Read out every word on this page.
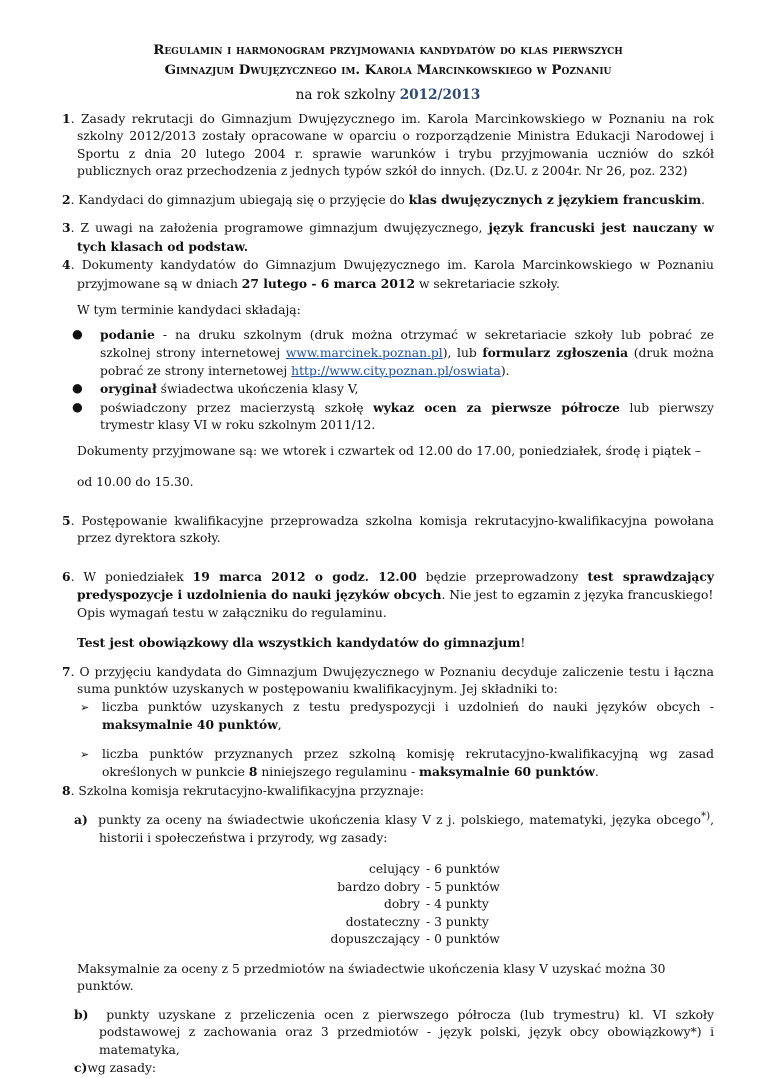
Regulamin i harmonogram przyjmowania kandydatów do klas pierwszych
Gimnazjum Dwujęzycznego im. Karola Marcinkowskiego w Poznaniu
na rok szkolny 2012/2013

1. Zasady rekrutacji do Gimnazjum Dwujęzycznego im. Karola Marcinkowskiego w Poznaniu na rok szkolny 2012/2013 zostały opracowane w oparciu o rozporządzenie Ministra Edukacji Narodowej i Sportu z dnia 20 lutego 2004 r. sprawie warunków i trybu przyjmowania uczniów do szkół publicznych oraz przechodzenia z jednych typów szkół do innych. (Dz.U. z 2004r. Nr 26, poz. 232)

2. Kandydaci do gimnazjum ubiegają się o przyjęcie do klas dwujęzycznych z językiem francuskim.

3. Z uwagi na założenia programowe gimnazjum dwujęzycznego, język francuski jest nauczany w tych klasach od podstaw.

4. Dokumenty kandydatów do Gimnazjum Dwujęzycznego im. Karola Marcinkowskiego w Poznaniu przyjmowane są w dniach 27 lutego - 6 marca 2012 w sekretariacie szkoły.

W tym terminie kandydaci składają:

● podanie - na druku szkolnym (druk można otrzymać w sekretariacie szkoły lub pobrać ze szkolnej strony internetowej www.marcinek.poznan.pl), lub formularz zgłoszenia (druk można pobrać ze strony internetowej http://www.city.poznan.pl/oswiata).
● oryginał świadectwa ukończenia klasy V,
● poświadczony przez macierzystą szkołę wykaz ocen za pierwsze półrocze lub pierwszy trymestr klasy VI w roku szkolnym 2011/12.

Dokumenty przyjmowane są: we wtorek i czwartek od 12.00 do 17.00, poniedziałek, środę i piątek –

od 10.00 do 15.30.

5. Postępowanie kwalifikacyjne przeprowadza szkolna komisja rekrutacyjno-kwalifikacyjna powołana przez dyrektora szkoły.

6. W poniedziałek 19 marca 2012 o godz. 12.00 będzie przeprowadzony test sprawdzający predyspozycje i uzdolnienia do nauki języków obcych. Nie jest to egzamin z języka francuskiego!

Opis wymagań testu w załączniku do regulaminu.

Test jest obowiązkowy dla wszystkich kandydatów do gimnazjum!

7. O przyjęciu kandydata do Gimnazjum Dwujęzycznego w Poznaniu decyduje zaliczenie testu i łączna suma punktów uzyskanych w postępowaniu kwalifikacyjnym. Jej składniki to:

➢ liczba punktów uzyskanych z testu predyspozycji i uzdolnień do nauki języków obcych - maksymalnie 40 punktów,
➢ liczba punktów przyznanych przez szkolną komisję rekrutacyjno-kwalifikacyjną wg zasad określonych w punkcie 8 niniejszego regulaminu - maksymalnie 60 punktów.

8. Szkolna komisja rekrutacyjno-kwalifikacyjna przyznaje:

a) punkty za oceny na świadectwie ukończenia klasy V z j. polskiego, matematyki, języka obcego*), historii i społeczeństwa i przyrody, wg zasady:

celujący
bardzo dobry
dobry
dostateczny
dopuszczający
- 6 punktów
- 5 punktów
- 4 punkty
- 3 punkty
- 0 punktów

Maksymalnie za oceny z 5 przedmiotów na świadectwie ukończenia klasy V uzyskać można 30 punktów.

b) punkty uzyskane z przeliczenia ocen z pierwszego półrocza (lub trymestru) kl. VI szkoły podstawowej z zachowania oraz 3 przedmiotów - język polski, język obcy obowiązkowy*) i matematyka,

c)wg zasady:
